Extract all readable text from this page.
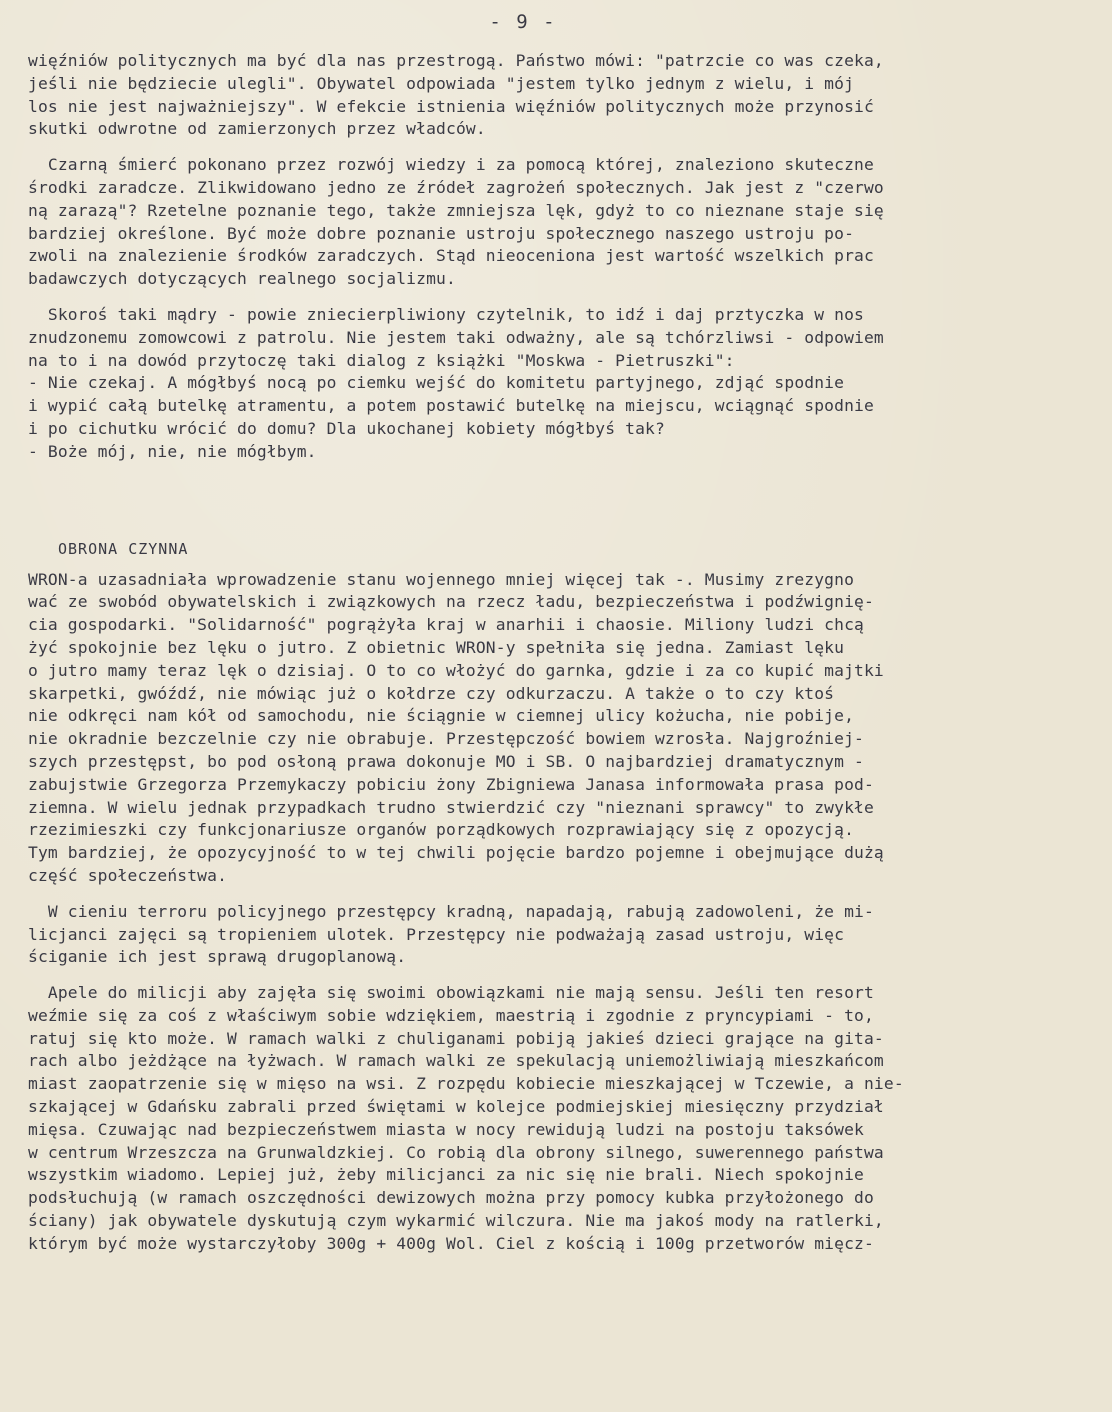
- 9 -

więźniów politycznych ma być dla nas przestrogą. Państwo mówi: "patrzcie co was czeka,

jeśli nie będziecie ulegli". Obywatel odpowiada "jestem tylko jednym z wielu, i mój

los nie jest najważniejszy". W efekcie istnienia więźniów politycznych może przynosić

skutki odwrotne od zamierzonych przez władców.

Czarną śmierć pokonano przez rozwój wiedzy i za pomocą której, znaleziono skuteczne

środki zaradcze. Zlikwidowano jedno ze źródeł zagrożeń społecznych. Jak jest z "czerwo

ną zarazą"? Rzetelne poznanie tego, także zmniejsza lęk, gdyż to co nieznane staje się

bardziej określone. Być może dobre poznanie ustroju społecznego naszego ustroju po-

zwoli na znalezienie środków zaradczych. Stąd nieoceniona jest wartość wszelkich prac

badawczych dotyczących realnego socjalizmu.

Skoroś taki mądry - powie zniecierpliwiony czytelnik, to idź i daj prztyczka w nos

znudzonemu zomowcowi z patrolu. Nie jestem taki odważny, ale są tchórzliwsi - odpowiem

na to i na dowód przytoczę taki dialog z książki "Moskwa - Pietruszki":

- Nie czekaj. A mógłbyś nocą po ciemku wejść do komitetu partyjnego, zdjąć spodnie

i wypić całą butelkę atramentu, a potem postawić butelkę na miejscu, wciągnąć spodnie

i po cichutku wrócić do domu? Dla ukochanej kobiety mógłbyś tak?

- Boże mój, nie, nie mógłbym.

OBRONA CZYNNA

WRON-a uzasadniała wprowadzenie stanu wojennego mniej więcej tak -. Musimy zrezygno

wać ze swobód obywatelskich i związkowych na rzecz ładu, bezpieczeństwa i podźwignię-

cia gospodarki. "Solidarność" pogrążyła kraj w anarhii i chaosie. Miliony ludzi chcą

żyć spokojnie bez lęku o jutro. Z obietnic WRON-y spełniła się jedna. Zamiast lęku

o jutro mamy teraz lęk o dzisiaj. O to co włożyć do garnka, gdzie i za co kupić majtki

skarpetki, gwóźdź, nie mówiąc już o kołdrze czy odkurzaczu. A także o to czy ktoś

nie odkręci nam kół od samochodu, nie ściągnie w ciemnej ulicy kożucha, nie pobije,

nie okradnie bezczelnie czy nie obrabuje. Przestępczość bowiem wzrosła. Najgroźniej-

szych przestępst, bo pod osłoną prawa dokonuje MO i SB. O najbardziej dramatycznym -

zabujstwie Grzegorza Przemykaczy pobiciu żony Zbigniewa Janasa informowała prasa pod-

ziemna. W wielu jednak przypadkach trudno stwierdzić czy "nieznani sprawcy" to zwykłe

rzezimieszki czy funkcjonariusze organów porządkowych rozprawiający się z opozycją.

Tym bardziej, że opozycyjność to w tej chwili pojęcie bardzo pojemne i obejmujące dużą

część społeczeństwa.

W cieniu terroru policyjnego przestępcy kradną, napadają, rabują zadowoleni, że mi-

licjanci zajęci są tropieniem ulotek. Przestępcy nie podważają zasad ustroju, więc

ściganie ich jest sprawą drugoplanową.

Apele do milicji aby zajęła się swoimi obowiązkami nie mają sensu. Jeśli ten resort

weźmie się za coś z właściwym sobie wdziękiem, maestrią i zgodnie z pryncypiami - to,

ratuj się kto może. W ramach walki z chuliganami pobiją jakieś dzieci grające na gita-

rach albo jeżdżące na łyżwach. W ramach walki ze spekulacją uniemożliwiają mieszkańcom

miast zaopatrzenie się w mięso na wsi. Z rozpędu kobiecie mieszkającej w Tczewie, a nie-

szkającej w Gdańsku zabrali przed świętami w kolejce podmiejskiej miesięczny przydział

mięsa. Czuwając nad bezpieczeństwem miasta w nocy rewidują ludzi na postoju taksówek

w centrum Wrzeszcza na Grunwaldzkiej. Co robią dla obrony silnego, suwerennego państwa

wszystkim wiadomo. Lepiej już, żeby milicjanci za nic się nie brali. Niech spokojnie

podsłuchują (w ramach oszczędności dewizowych można przy pomocy kubka przyłożonego do

ściany) jak obywatele dyskutują czym wykarmić wilczura. Nie ma jakoś mody na ratlerki,

którym być może wystarczyłoby 300g + 400g Wol. Ciel z kością i 100g przetworów mięcz-
